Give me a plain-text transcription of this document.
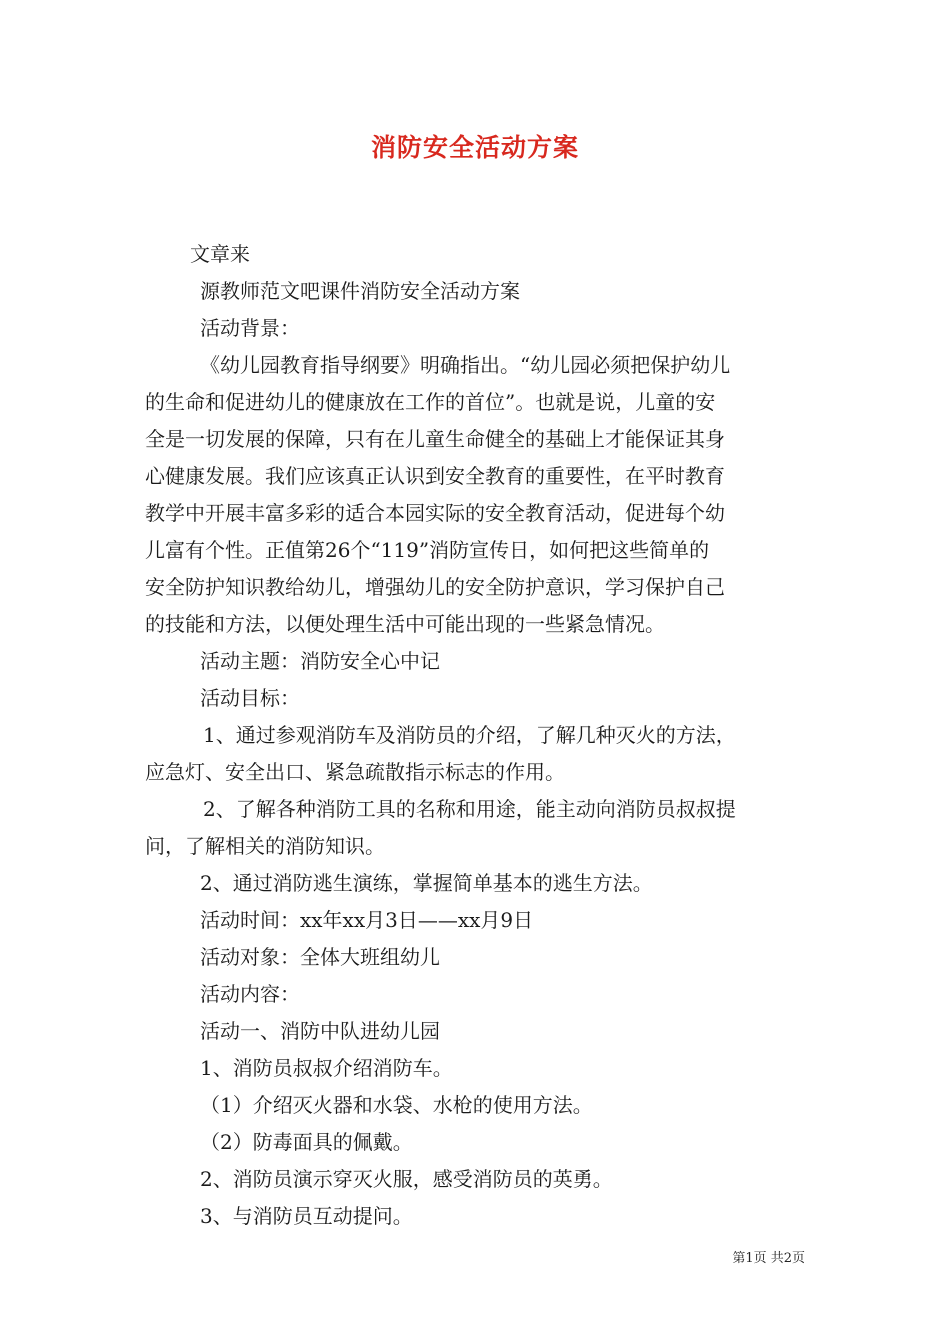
消防安全活动方案

文章来

源教师范文吧课件消防安全活动方案

活动背景：

《幼儿园教育指导纲要》明确指出。“幼儿园必须把保护幼儿

的生命和促进幼儿的健康放在工作的首位”。也就是说，儿童的安

全是一切发展的保障，只有在儿童生命健全的基础上才能保证其身

心健康发展。我们应该真正认识到安全教育的重要性，在平时教育

教学中开展丰富多彩的适合本园实际的安全教育活动，促进每个幼

儿富有个性。正值第26个“119”消防宣传日，如何把这些简单的

安全防护知识教给幼儿，增强幼儿的安全防护意识，学习保护自己

的技能和方法，以便处理生活中可能出现的一些紧急情况。

活动主题：消防安全心中记

活动目标：

1、通过参观消防车及消防员的介绍，了解几种灭火的方法，

应急灯、安全出口、紧急疏散指示标志的作用。

2、了解各种消防工具的名称和用途，能主动向消防员叔叔提

问，了解相关的消防知识。

2、通过消防逃生演练，掌握简单基本的逃生方法。

活动时间：xx年xx月3日——xx月9日

活动对象：全体大班组幼儿

活动内容：

活动一、消防中队进幼儿园

1、消防员叔叔介绍消防车。

（1）介绍灭火器和水袋、水枪的使用方法。

（2）防毒面具的佩戴。

2、消防员演示穿灭火服，感受消防员的英勇。

3、与消防员互动提问。

第1页 共2页
